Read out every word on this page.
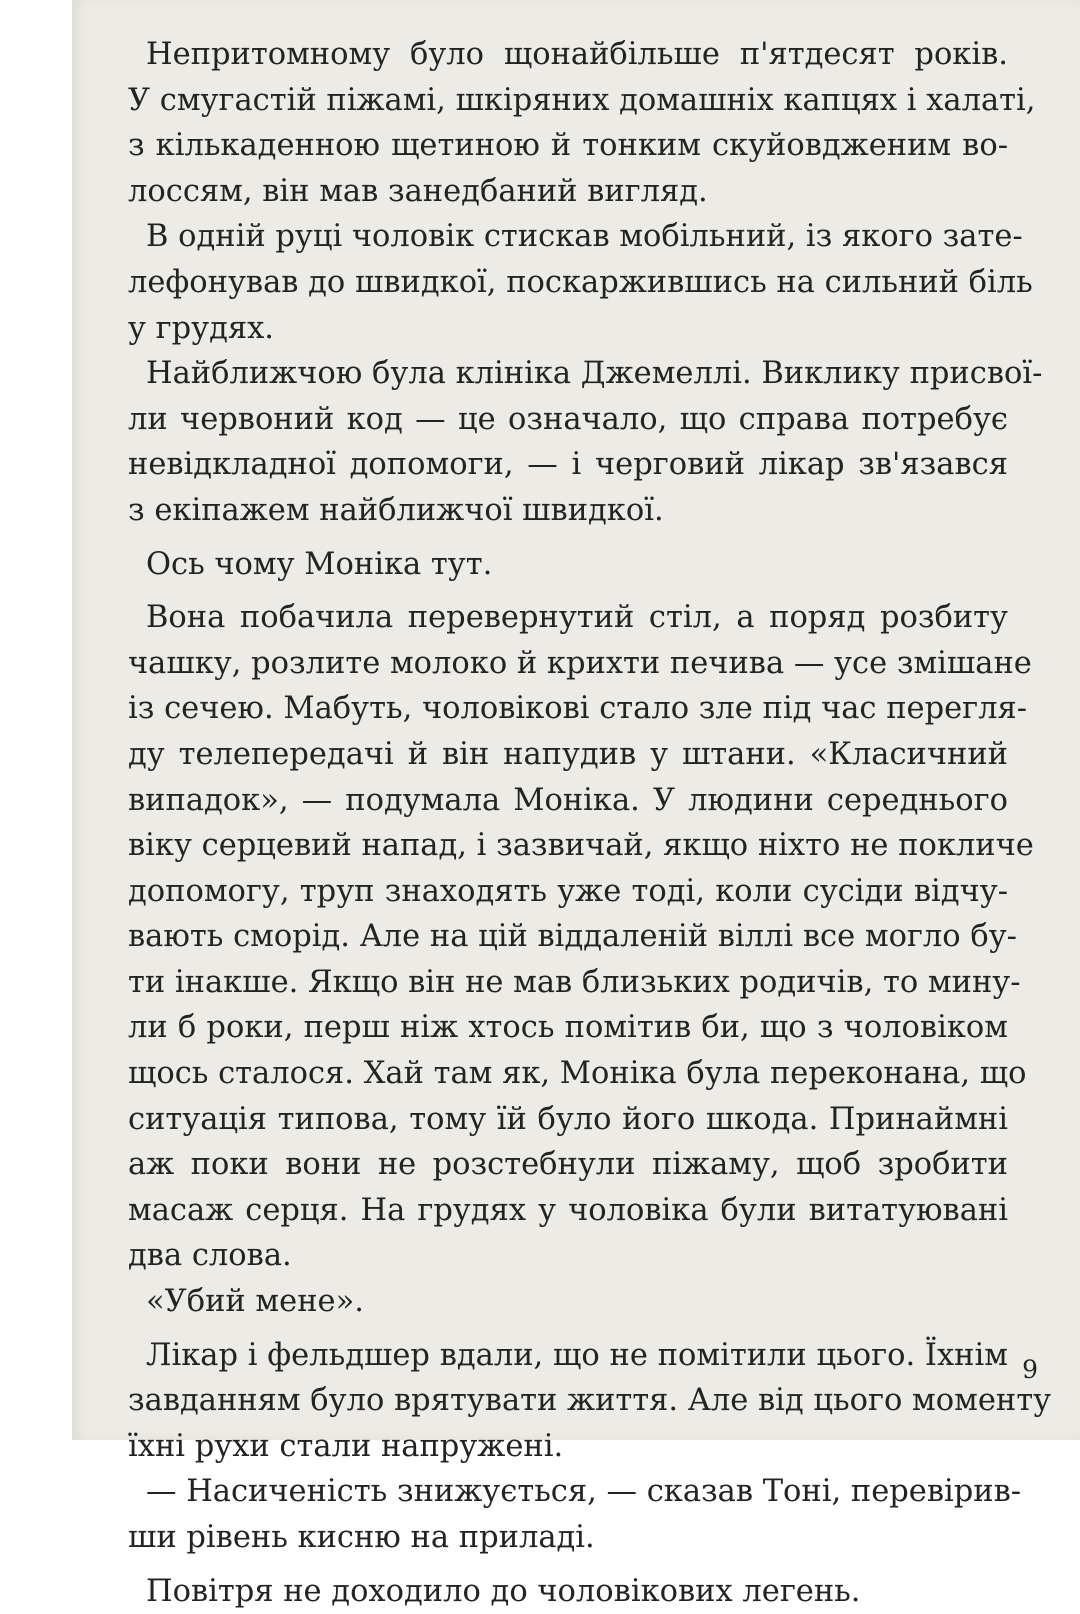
Непритомному було щонайбільше п'ятдесят років.
У смугастій піжамі, шкіряних домашніх капцях і халаті,
з кількаденною щетиною й тонким скуйовдженим во-
лоссям, він мав занедбаний вигляд.
В одній руці чоловік стискав мобільний, із якого зате-
лефонував до швидкої, поскаржившись на сильний біль
у грудях.
Найближчою була клініка Джемеллі. Виклику присвої-
ли червоний код — це означало, що справа потребує
невідкладної допомоги, — і черговий лікар зв'язався
з екіпажем найближчої швидкої.
Ось чому Моніка тут.
Вона побачила перевернутий стіл, а поряд розбиту
чашку, розлите молоко й крихти печива — усе змішане
із сечею. Мабуть, чоловікові стало зле під час перегля-
ду телепередачі й він напудив у штани. «Класичний
випадок», — подумала Моніка. У людини середнього
віку серцевий напад, і зазвичай, якщо ніхто не покличе
допомогу, труп знаходять уже тоді, коли сусіди відчу-
вають сморід. Але на цій віддаленій віллі все могло бу-
ти інакше. Якщо він не мав близьких родичів, то мину-
ли б роки, перш ніж хтось помітив би, що з чоловіком
щось сталося. Хай там як, Моніка була переконана, що
ситуація типова, тому їй було його шкода. Принаймні
аж поки вони не розстебнули піжаму, щоб зробити
масаж серця. На грудях у чоловіка були витатуювані
два слова.
«Убий мене».
Лікар і фельдшер вдали, що не помітили цього. Їхнім
завданням було врятувати життя. Але від цього моменту
їхні рухи стали напружені.
— Насиченість знижується, — сказав Тоні, перевірив-
ши рівень кисню на приладі.
Повітря не доходило до чоловікових легень.
9
